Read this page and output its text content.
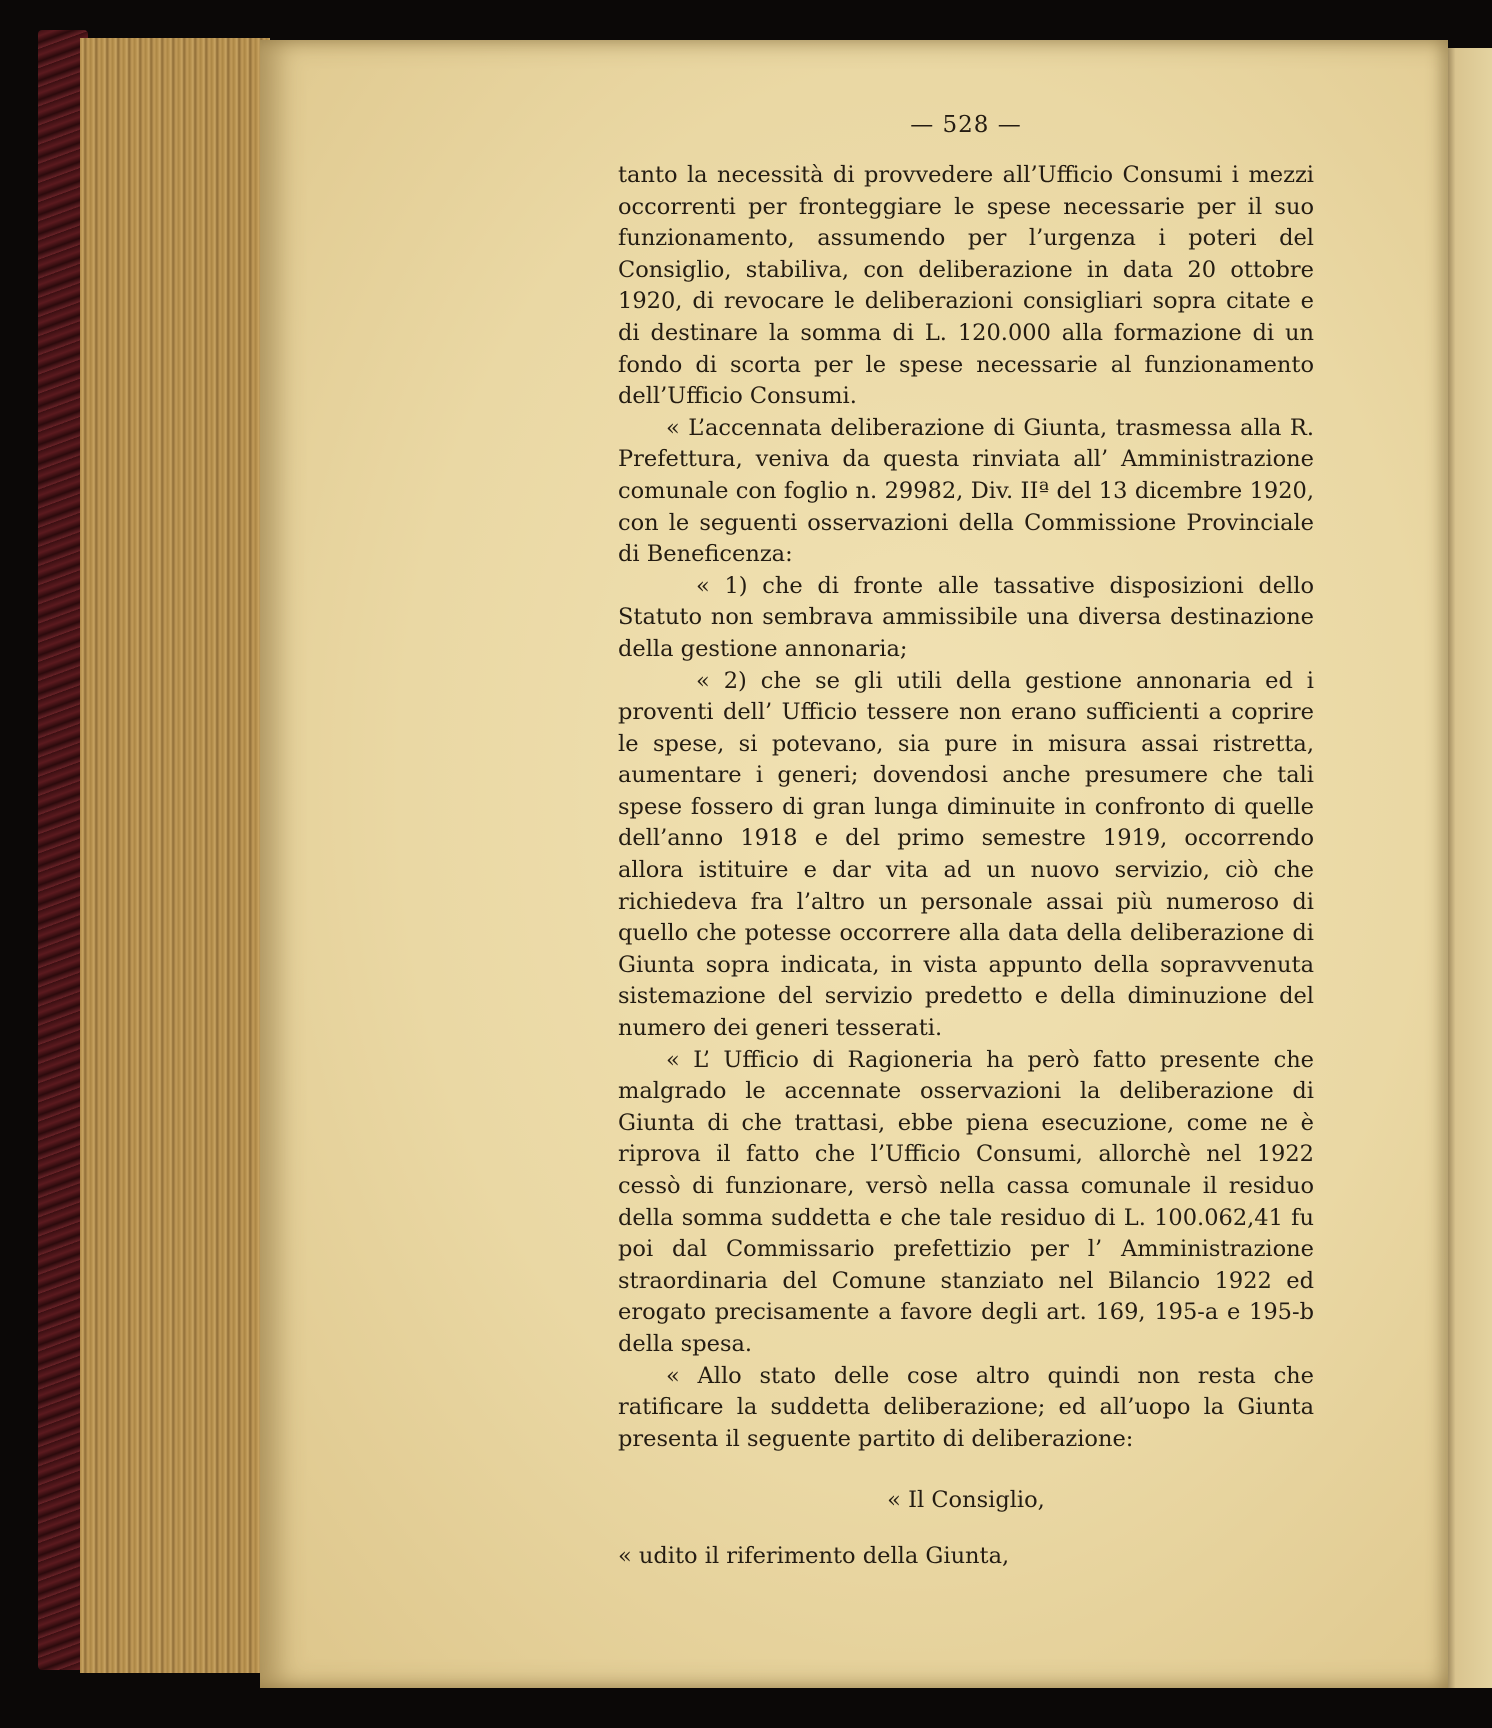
— 528 —

tanto la necessità di provvedere all’Ufficio Consumi i mezzi occorrenti per fronteggiare le spese necessarie per il suo funzionamento, assumendo per l’urgenza i poteri del Consiglio, stabiliva, con deliberazione in data 20 ottobre 1920, di revocare le deliberazioni consigliari sopra citate e di destinare la somma di L. 120.000 alla formazione di un fondo di scorta per le spese necessarie al funzionamento dell’Ufficio Consumi.

« L’accennata deliberazione di Giunta, trasmessa alla R. Prefettura, veniva da questa rinviata all’ Amministrazione comunale con foglio n. 29982, Div. IIª del 13 dicembre 1920, con le seguenti osservazioni della Commissione Provinciale di Beneficenza:

« 1) che di fronte alle tassative disposizioni dello Statuto non sembrava ammissibile una diversa destinazione della gestione annonaria;

« 2) che se gli utili della gestione annonaria ed i proventi dell’ Ufficio tessere non erano sufficienti a coprire le spese, si potevano, sia pure in misura assai ristretta, aumentare i generi; dovendosi anche presumere che tali spese fossero di gran lunga diminuite in confronto di quelle dell’anno 1918 e del primo semestre 1919, occorrendo allora istituire e dar vita ad un nuovo servizio, ciò che richiedeva fra l’altro un personale assai più numeroso di quello che potesse occorrere alla data della deliberazione di Giunta sopra indicata, in vista appunto della sopravvenuta sistemazione del servizio predetto e della diminuzione del numero dei generi tesserati.

« L’ Ufficio di Ragioneria ha però fatto presente che malgrado le accennate osservazioni la deliberazione di Giunta di che trattasi, ebbe piena esecuzione, come ne è riprova il fatto che l’Ufficio Consumi, allorchè nel 1922 cessò di funzionare, versò nella cassa comunale il residuo della somma suddetta e che tale residuo di L. 100.062,41 fu poi dal Commissario prefettizio per l’ Amministrazione straordinaria del Comune stanziato nel Bilancio 1922 ed erogato precisamente a favore degli art. 169, 195-a e 195-b della spesa.

« Allo stato delle cose altro quindi non resta che ratificare la suddetta deliberazione; ed all’uopo la Giunta presenta il seguente partito di deliberazione:

« Il Consiglio,

« udito il riferimento della Giunta,
